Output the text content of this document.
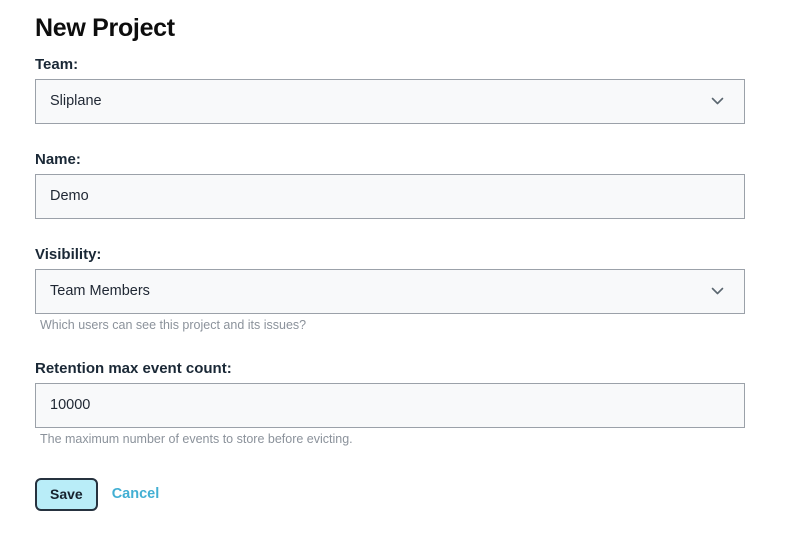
New Project
Team:
Sliplane
Name:
Demo
Visibility:
Team Members
Which users can see this project and its issues?
Retention max event count:
10000
The maximum number of events to store before evicting.
Save	Cancel
